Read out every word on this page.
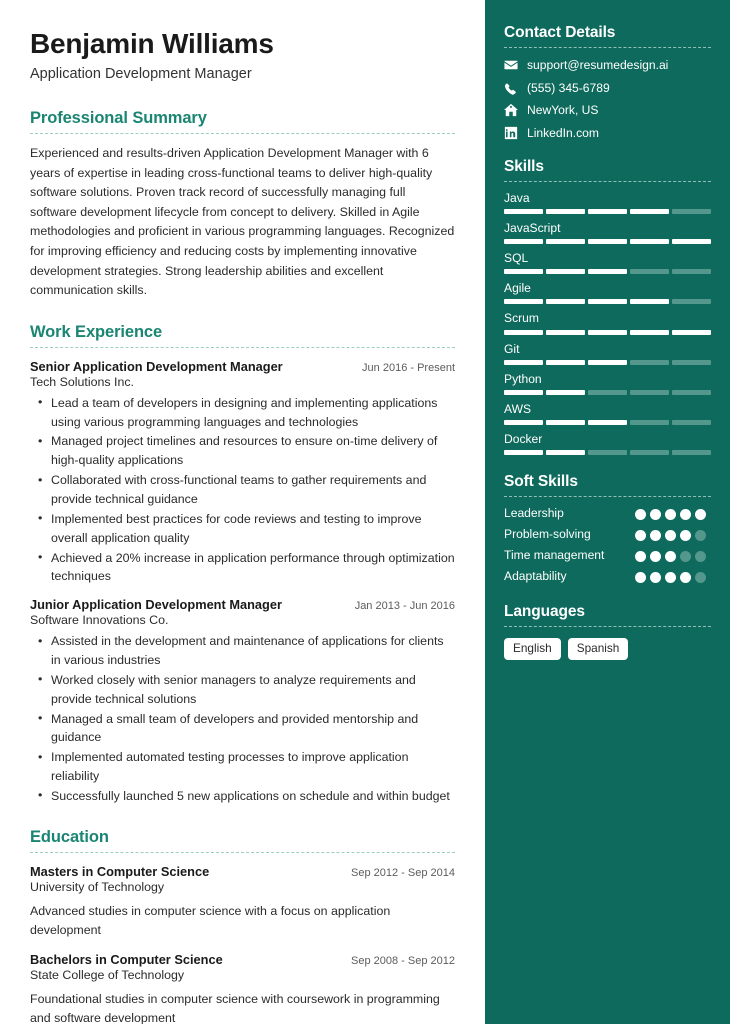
Benjamin Williams
Application Development Manager
Professional Summary
Experienced and results-driven Application Development Manager with 6 years of expertise in leading cross-functional teams to deliver high-quality software solutions. Proven track record of successfully managing full software development lifecycle from concept to delivery. Skilled in Agile methodologies and proficient in various programming languages. Recognized for improving efficiency and reducing costs by implementing innovative development strategies. Strong leadership abilities and excellent communication skills.
Work Experience
Senior Application Development Manager	Jun 2016 - Present
Tech Solutions Inc.
• Lead a team of developers in designing and implementing applications using various programming languages and technologies
• Managed project timelines and resources to ensure on-time delivery of high-quality applications
• Collaborated with cross-functional teams to gather requirements and provide technical guidance
• Implemented best practices for code reviews and testing to improve overall application quality
• Achieved a 20% increase in application performance through optimization techniques
Junior Application Development Manager	Jan 2013 - Jun 2016
Software Innovations Co.
• Assisted in the development and maintenance of applications for clients in various industries
• Worked closely with senior managers to analyze requirements and provide technical solutions
• Managed a small team of developers and provided mentorship and guidance
• Implemented automated testing processes to improve application reliability
• Successfully launched 5 new applications on schedule and within budget
Education
Masters in Computer Science	Sep 2012 - Sep 2014
University of Technology
Advanced studies in computer science with a focus on application development
Bachelors in Computer Science	Sep 2008 - Sep 2012
State College of Technology
Foundational studies in computer science with coursework in programming and software development
Contact Details
support@resumedesign.ai
(555) 345-6789
NewYork, US
LinkedIn.com
Skills
Java
JavaScript
SQL
Agile
Scrum
Git
Python
AWS
Docker
Soft Skills
Leadership
Problem-solving
Time management
Adaptability
Languages
English	Spanish
